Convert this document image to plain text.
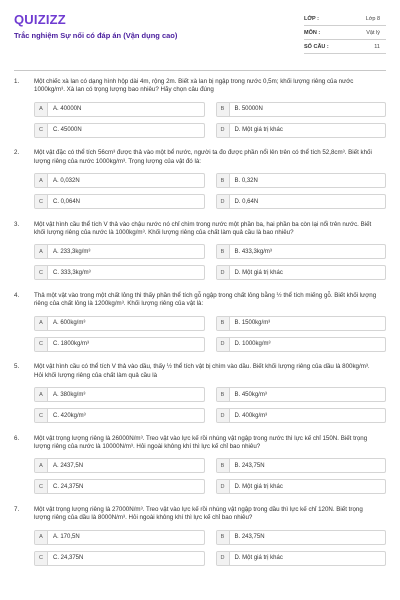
QUIZIZZ
Trắc nghiệm Sự nổi có đáp án (Vận dụng cao)
LỚP :	Lớp 8
MÔN :	Vật lý
SỐ CÂU :	11
1.	Một chiếc xà lan có dạng hình hộp dài 4m, rộng 2m. Biết xà lan bị ngập trong nước 0,5m; khối lượng riêng của nước 1000kg/m³. Xà lan có trọng lượng bao nhiêu? Hãy chọn câu đúng
A	A. 40000N	B	B. 50000N
C	C. 45000N	D	D. Một giá trị khác
2.	Một vật đặc có thể tích 56cm³ được thả vào một bể nước, người ta đo được phần nổi lên trên có thể tích 52,8cm³. Biết khối lượng riêng của nước 1000kg/m³. Trọng lượng của vật đó là:
A	A. 0,032N	B	B. 0,32N
C	C. 0,064N	D	D. 0,64N
3.	Một vật hình cầu thể tích V thả vào chậu nước nó chỉ chìm trong nước một phần ba, hai phần ba còn lại nổi trên nước. Biết khối lượng riêng của nước là 1000kg/m³. Khối lượng riêng của chất làm quả cầu là bao nhiêu?
A	A. 233,3kg/m³	B	B. 433,3kg/m³
C	C. 333,3kg/m³	D	D. Một giá trị khác
4.	Thả một vật vào trong một chất lỏng thì thấy phần thể tích gỗ ngập trong chất lỏng bằng ½ thể tích miếng gỗ. Biết khối lượng riêng của chất lỏng là 1200kg/m³. Khối lượng riêng của vật là:
A	A. 600kg/m³	B	B. 1500kg/m³
C	C. 1800kg/m³	D	D. 1000kg/m³
5.	Một vật hình cầu có thể tích V thả vào dầu, thấy ½ thể tích vật bị chìm vào dầu. Biết khối lượng riêng của dầu là 800kg/m³. Hỏi khối lượng riêng của chất làm quả cầu là
A	A. 380kg/m³	B	B. 450kg/m³
C	C. 420kg/m³	D	D. 400kg/m³
6.	Một vật trọng lượng riêng là 26000N/m³. Treo vật vào lực kế rồi nhúng vật ngập trong nước thì lực kế chỉ 150N. Biết trọng lượng riêng của nước là 10000N/m³. Hỏi ngoài không khí thì lực kế chỉ bao nhiêu?
A	A. 2437,5N	B	B. 243,75N
C	C. 24,375N	D	D. Một giá trị khác
7.	Một vật trọng lượng riêng là 27000N/m³. Treo vật vào lực kế rồi nhúng vật ngập trong dầu thì lực kế chỉ 120N. Biết trọng lượng riêng của dầu là 8000N/m³. Hỏi ngoài không khí thì lực kế chỉ bao nhiêu?
A	A. 170,5N	B	B. 243,75N
C	C. 24,375N	D	D. Một giá trị khác
